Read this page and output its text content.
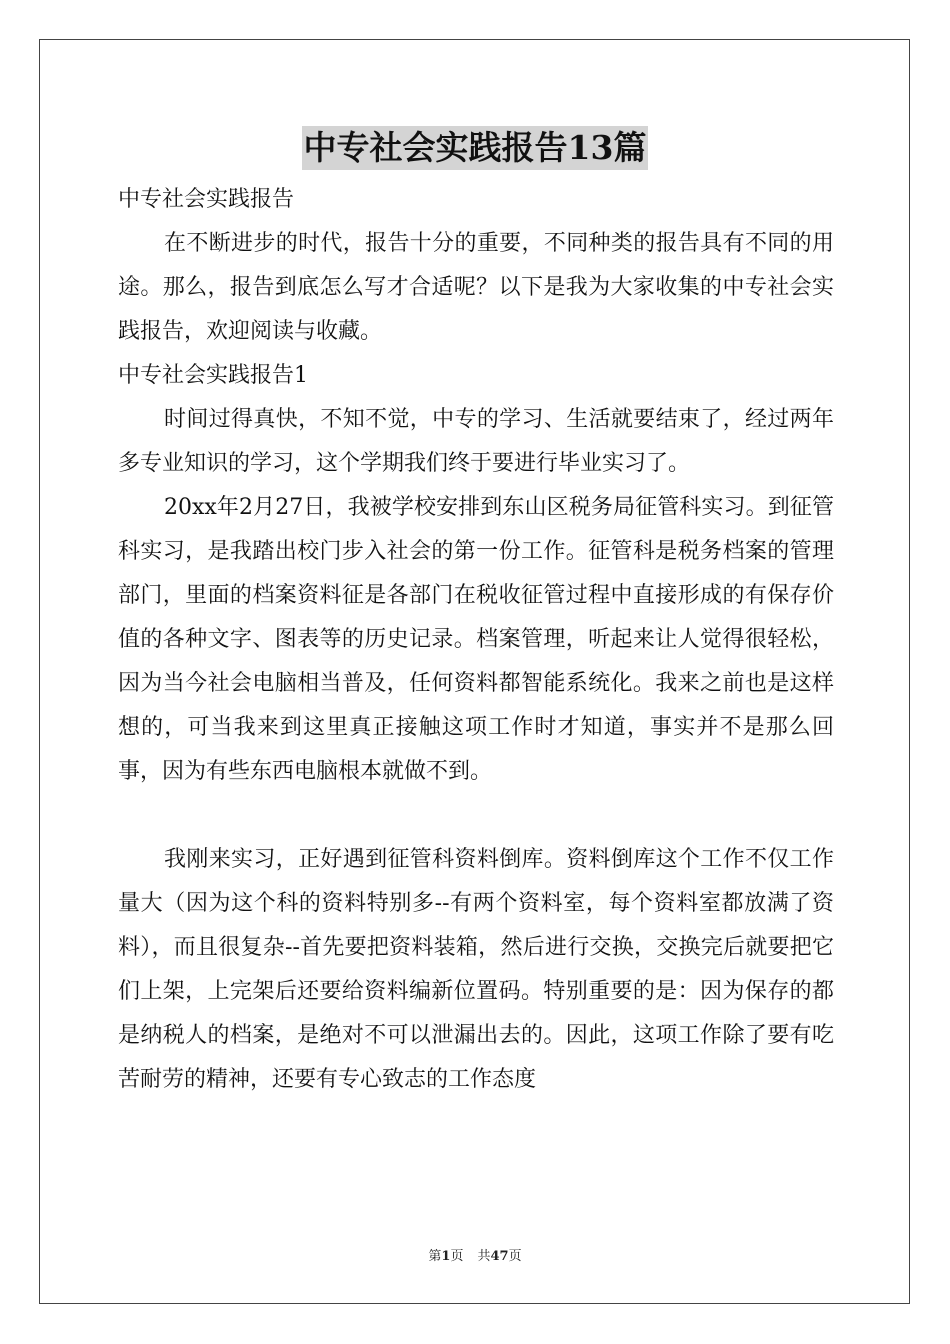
中专社会实践报告13篇
中专社会实践报告

在不断进步的时代，报告十分的重要，不同种类的报告具有不同的用途。那么，报告到底怎么写才合适呢？以下是我为大家收集的中专社会实践报告，欢迎阅读与收藏。

中专社会实践报告1

时间过得真快，不知不觉，中专的学习、生活就要结束了，经过两年多专业知识的学习，这个学期我们终于要进行毕业实习了。

20xx年2月27日，我被学校安排到东山区税务局征管科实习。到征管科实习，是我踏出校门步入社会的第一份工作。征管科是税务档案的管理部门，里面的档案资料征是各部门在税收征管过程中直接形成的有保存价值的各种文字、图表等的历史记录。档案管理，听起来让人觉得很轻松，因为当今社会电脑相当普及，任何资料都智能系统化。我来之前也是这样想的，可当我来到这里真正接触这项工作时才知道，事实并不是那么回事，因为有些东西电脑根本就做不到。

我刚来实习，正好遇到征管科资料倒库。资料倒库这个工作不仅工作量大（因为这个科的资料特别多--有两个资料室，每个资料室都放满了资料），而且很复杂--首先要把资料装箱，然后进行交换，交换完后就要把它们上架，上完架后还要给资料编新位置码。特别重要的是：因为保存的都是纳税人的档案，是绝对不可以泄漏出去的。因此，这项工作除了要有吃苦耐劳的精神，还要有专心致志的工作态度

第1页 共47页
